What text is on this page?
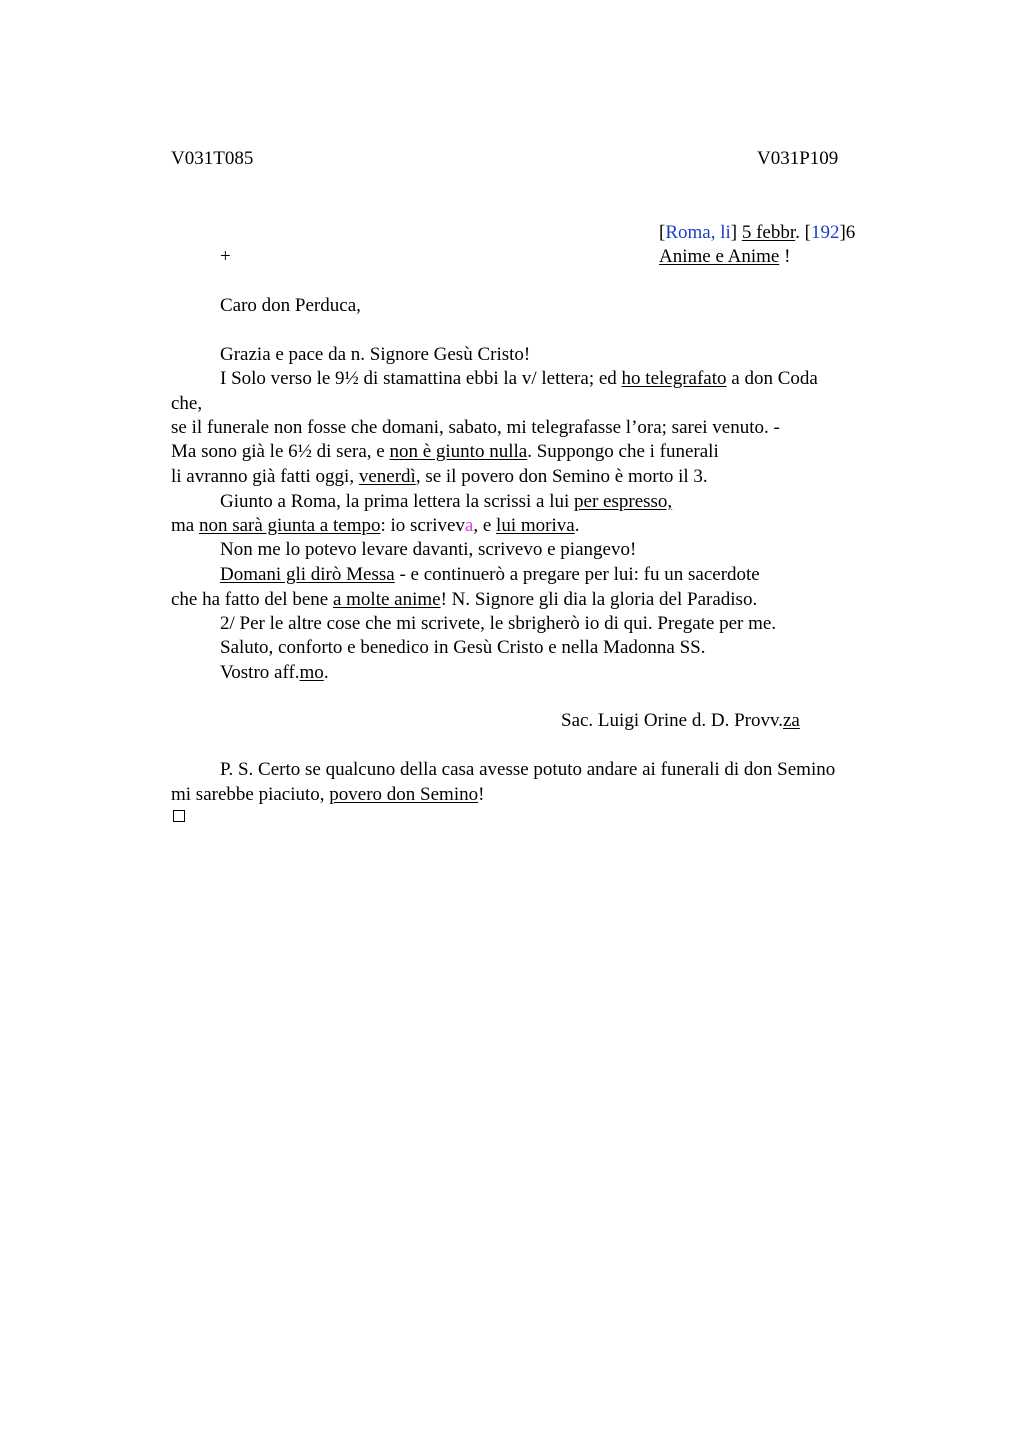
V031T085	V031P109
[Roma, li] 5 febbr. [192]6
+	Anime e Anime !
Caro don Perduca,
Grazia e pace da n. Signore Gesù Cristo!
I Solo verso le 9½ di stamattina ebbi la v/ lettera; ed ho telegrafato a don Coda
che,
se il funerale non fosse che domani, sabato, mi telegrafasse l’ora; sarei venuto. -
Ma sono già le 6½ di sera, e non è giunto nulla. Suppongo che i funerali
li avranno già fatti oggi, venerdì, se il povero don Semino è morto il 3.
Giunto a Roma, la prima lettera la scrissi a lui per espresso,
ma non sarà giunta a tempo: io scriveva, e lui moriva.
Non me lo potevo levare davanti, scrivevo e piangevo!
Domani gli dirò Messa - e continuerò a pregare per lui: fu un sacerdote
che ha fatto del bene a molte anime! N. Signore gli dia la gloria del Paradiso.
2/ Per le altre cose che mi scrivete, le sbrigherò io di qui. Pregate per me.
Saluto, conforto e benedico in Gesù Cristo e nella Madonna SS.
Vostro aff.mo.
Sac. Luigi Orine d. D. Provv.za
P. S. Certo se qualcuno della casa avesse potuto andare ai funerali di don Semino
mi sarebbe piaciuto, povero don Semino!
